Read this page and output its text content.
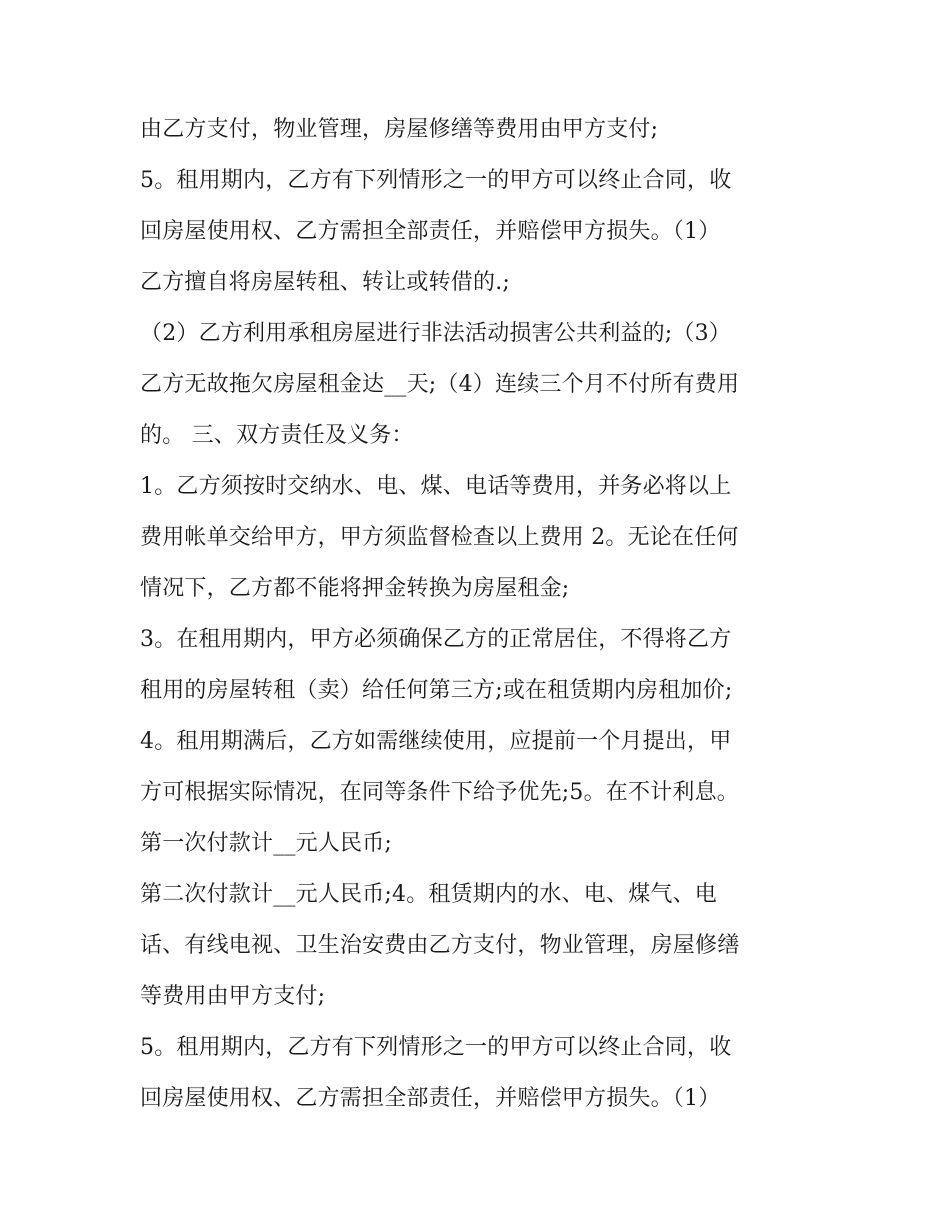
由乙方支付，物业管理，房屋修缮等费用由甲方支付;
5。租用期内，乙方有下列情形之一的甲方可以终止合同，收
回房屋使用权、乙方需担全部责任，并赔偿甲方损失。（1）
乙方擅自将房屋转租、转让或转借的.;
（2）乙方利用承租房屋进行非法活动损害公共利益的;（3）
乙方无故拖欠房屋租金达__天;（4）连续三个月不付所有费用
的。 三、双方责任及义务：
1。乙方须按时交纳水、电、煤、电话等费用，并务必将以上
费用帐单交给甲方，甲方须监督检查以上费用 2。无论在任何
情况下，乙方都不能将押金转换为房屋租金;
3。在租用期内，甲方必须确保乙方的正常居住，不得将乙方
租用的房屋转租（卖）给任何第三方;或在租赁期内房租加价;
4。租用期满后，乙方如需继续使用，应提前一个月提出，甲
方可根据实际情况，在同等条件下给予优先;5。在不计利息。
第一次付款计__元人民币;
第二次付款计__元人民币;4。租赁期内的水、电、煤气、电
话、有线电视、卫生治安费由乙方支付，物业管理，房屋修缮
等费用由甲方支付;
5。租用期内，乙方有下列情形之一的甲方可以终止合同，收
回房屋使用权、乙方需担全部责任，并赔偿甲方损失。（1）
